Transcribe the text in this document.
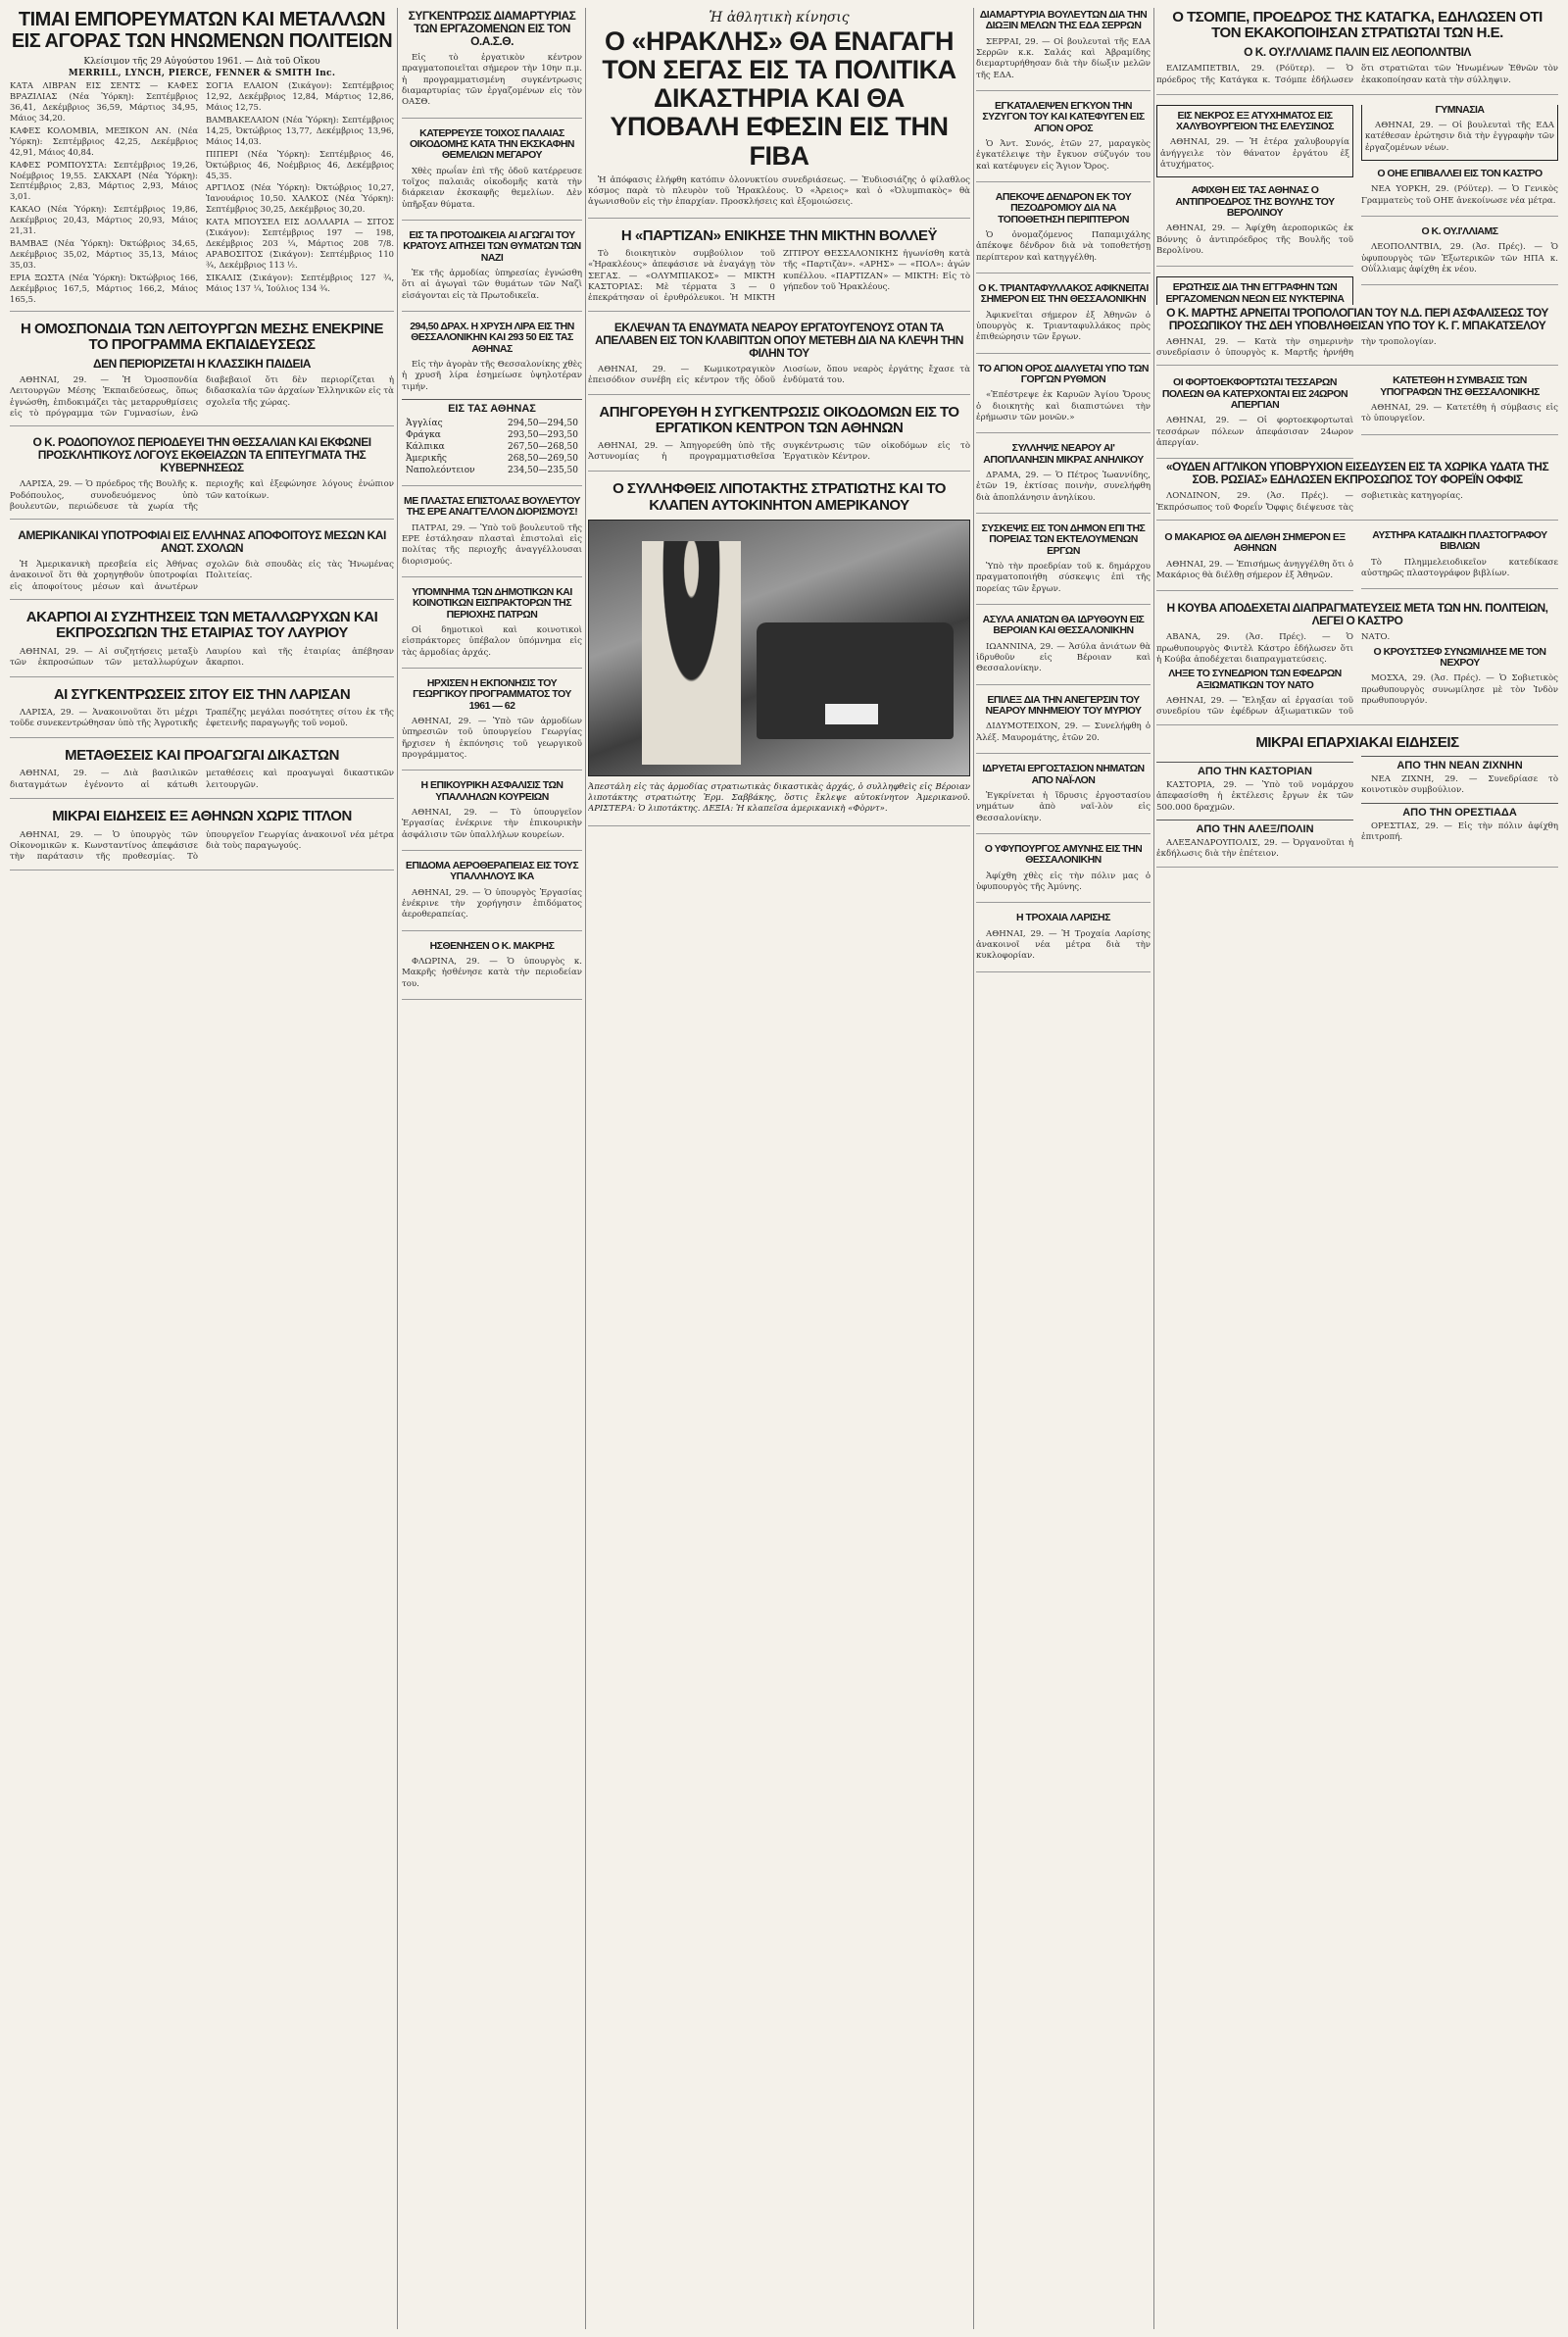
ΤΙΜΑΙ ΕΜΠΟΡΕΥΜΑΤΩΝ ΚΑΙ ΜΕΤΑΛΛΩΝ ΕΙΣ ΑΓΟΡΑΣ ΤΩΝ ΗΝΩΜΕΝΩΝ ΠΟΛΙΤΕΙΩΝ
Κλείσιμον τῆς 29 Αὐγούστου 1961. — Διὰ τοῦ Οἴκου
MERRILL, LYNCH, PIERCE, FENNER & SMITH Inc.

ΚΑΤΑ ΛΙΒΡΑΝ ΕΙΣ ΣΕΝΤΣ — ΚΑΦΕΣ ΒΡΑΖΙΛΙΑΣ (Νέα Ὑόρκη): Σεπτέμβριος 36,41, Δεκέμβριος 36,59, Μάρτιος 34,95, Μάιος 34,20.

ΚΑΦΕΣ ΚΟΛΟΜΒΙΑ, ΜΕΞΙΚΟΝ ΑΝ. (Νέα Ὑόρκη): Σεπτέμβριος 42,25, Δεκέμβριος 42,91, Μάιος 40,84.

ΚΑΦΕΣ ΡΟΜΠΟΥΣΤΑ: Σεπτέμβριος 19,26, Νοέμβριος 19,55. ΣΑΚΧΑΡΙ (Νέα Ὑόρκη): Σεπτέμβριος 2,83, Μάρτιος 2,93, Μάιος 3,01.

ΚΑΚΑΟ (Νέα Ὑόρκη): Σεπτέμβριος 19,86, Δεκέμβριος 20,43, Μάρτιος 20,93, Μάιος 21,31.

ΒΑΜΒΑΞ (Νέα Ὑόρκη): Ὀκτώβριος 34,65, Δεκέμβριος 35,02, Μάρτιος 35,13, Μάιος 35,03.

ΕΡΙΑ ΞΩΣΤΑ (Νέα Ὑόρκη): Ὀκτώβριος 166, Δεκέμβριος 167,5, Μάρτιος 166,2, Μάιος 165,5.

ΣΟΓΙΑ ΕΛΑΙΟΝ (Σικάγον): Σεπτέμβριος 12,92, Δεκέμβριος 12,84, Μάρτιος 12,86, Μάιος 12,75.

ΒΑΜΒΑΚΕΛΑΙΟΝ (Νέα Ὑόρκη): Σεπτέμβριος 14,25, Ὀκτώβριος 13,77, Δεκέμβριος 13,96, Μάιος 14,03.

ΠΙΠΕΡΙ (Νέα Ὑόρκη): Σεπτέμβριος 46, Ὀκτώβριος 46, Νοέμβριος 46, Δεκέμβριος 45,35.

ΑΡΓΙΛΟΣ (Νέα Ὑόρκη): Ὀκτώβριος 10,27, Ἰανουάριος 10,50. ΧΑΛΚΟΣ (Νέα Ὑόρκη): Σεπτέμβριος 30,25, Δεκέμβριος 30,20.

ΚΑΤΑ ΜΠΟΥΣΕΛ ΕΙΣ ΔΟΛΛΑΡΙΑ — ΣΙΤΟΣ (Σικάγον): Σεπτέμβριος 197 — 198, Δεκέμβριος 203 ¼, Μάρτιος 208 7/8. ΑΡΑΒΟΣΙΤΟΣ (Σικάγον): Σεπτέμβριος 110 ¾, Δεκέμβριος 113 ½.

ΣΙΚΑΛΙΣ (Σικάγον): Σεπτέμβριος 127 ¾, Μάιος 137 ¼, Ἰούλιος 134 ¾.

Η ΟΜΟΣΠΟΝΔΙΑ ΤΩΝ ΛΕΙΤΟΥΡΓΩΝ ΜΕΣΗΣ ΕΝΕΚΡΙΝΕ ΤΟ ΠΡΟΓΡΑΜΜΑ ΕΚΠΑΙΔΕΥΣΕΩΣ
ΔΕΝ ΠΕΡΙΟΡΙΖΕΤΑΙ Η ΚΛΑΣΣΙΚΗ ΠΑΙΔΕΙΑ

ΑΘΗΝΑΙ, 29. — Ἡ Ὁμοσπονδία Λειτουργῶν Μέσης Ἐκπαιδεύσεως, ὅπως ἐγνώσθη, ἐπιδοκιμάζει τὰς μεταρρυθμίσεις εἰς τὸ πρόγραμμα τῶν Γυμνασίων, ἐνῶ διαβεβαιοῖ ὅτι δὲν περιορίζεται ἡ διδασκαλία τῶν ἀρχαίων Ἑλληνικῶν εἰς τὰ σχολεῖα τῆς χώρας.

Ο Κ. ΡΟΔΟΠΟΥΛΟΣ ΠΕΡΙΟΔΕΥΕΙ ΤΗΝ ΘΕΣΣΑΛΙΑΝ ΚΑΙ ΕΚΦΩΝΕΙ ΠΡΟΣΚΛΗΤΙΚΟΥΣ ΛΟΓΟΥΣ ΕΚΘΕΙΑΖΩΝ ΤΑ ΕΠΙΤΕΥΓΜΑΤΑ ΤΗΣ ΚΥΒΕΡΝΗΣΕΩΣ

ΛΑΡΙΣΑ, 29. — Ὁ πρόεδρος τῆς Βουλῆς κ. Ροδόπουλος, συνοδευόμενος ὑπὸ βουλευτῶν, περιώδευσε τὰ χωρία τῆς περιοχῆς καὶ ἐξεφώνησε λόγους ἐνώπιον τῶν κατοίκων.

ΑΜΕΡΙΚΑΝΙΚΑΙ ΥΠΟΤΡΟΦΙΑΙ ΕΙΣ ΕΛΛΗΝΑΣ ΑΠΟΦΟΙΤΟΥΣ ΜΕΣΩΝ ΚΑΙ ΑΝΩΤ. ΣΧΟΛΩΝ

Ἡ Ἀμερικανικὴ πρεσβεία εἰς Ἀθήνας ἀνακοινοῖ ὅτι θὰ χορηγηθοῦν ὑποτροφίαι εἰς ἀποφοίτους μέσων καὶ ἀνωτέρων σχολῶν διὰ σπουδὰς εἰς τὰς Ἡνωμένας Πολιτείας.

ΑΚΑΡΠΟΙ ΑΙ ΣΥΖΗΤΗΣΕΙΣ ΤΩΝ ΜΕΤΑΛΛΩΡΥΧΩΝ ΚΑΙ ΕΚΠΡΟΣΩΠΩΝ ΤΗΣ ΕΤΑΙΡΙΑΣ ΤΟΥ ΛΑΥΡΙΟΥ

ΑΘΗΝΑΙ, 29. — Αἱ συζητήσεις μεταξὺ τῶν ἐκπροσώπων τῶν μεταλλωρύχων Λαυρίου καὶ τῆς ἐταιρίας ἀπέβησαν ἄκαρποι.

ΑΙ ΣΥΓΚΕΝΤΡΩΣΕΙΣ ΣΙΤΟΥ ΕΙΣ ΤΗΝ ΛΑΡΙΣΑΝ

ΛΑΡΙΣΑ, 29. — Ἀνακοινοῦται ὅτι μέχρι τοῦδε συνεκεντρώθησαν ὑπὸ τῆς Ἀγροτικῆς Τραπέζης μεγάλαι ποσότητες σίτου ἐκ τῆς ἐφετεινῆς παραγωγῆς τοῦ νομοῦ.

ΜΕΤΑΘΕΣΕΙΣ ΚΑΙ ΠΡΟΑΓΩΓΑΙ ΔΙΚΑΣΤΩΝ

ΑΘΗΝΑΙ, 29. — Διὰ βασιλικῶν διαταγμάτων ἐγένοντο αἱ κάτωθι μεταθέσεις καὶ προαγωγαὶ δικαστικῶν λειτουργῶν.

ΜΙΚΡΑΙ ΕΙΔΗΣΕΙΣ ΕΞ ΑΘΗΝΩΝ ΧΩΡΙΣ ΤΙΤΛΟΝ

ΑΘΗΝΑΙ, 29. — Ὁ ὑπουργὸς τῶν Οἰκονομικῶν κ. Κωνσταντίνος ἀπεφάσισε τὴν παράτασιν τῆς προθεσμίας. Τὸ ὑπουργεῖον Γεωργίας ἀνακοινοῖ νέα μέτρα διὰ τοὺς παραγωγούς.

ΣΥΓΚΕΝΤΡΩΣΙΣ ΔΙΑΜΑΡΤΥΡΙΑΣ ΤΩΝ ΕΡΓΑΖΟΜΕΝΩΝ ΕΙΣ ΤΟΝ Ο.Α.Σ.Θ.

Εἰς τὸ ἐργατικὸν κέντρον πραγματοποιεῖται σήμερον τὴν 10ην π.μ. ἡ προγραμματισμένη συγκέντρωσις διαμαρτυρίας τῶν ἐργαζομένων εἰς τὸν ΟΑΣΘ.

ΚΑΤΕΡΡΕΥΣΕ ΤΟΙΧΟΣ ΠΑΛΑΙΑΣ ΟΙΚΟΔΟΜΗΣ ΚΑΤΑ ΤΗΝ ΕΚΣΚΑΦΗΝ ΘΕΜΕΛΙΩΝ ΜΕΓΑΡΟΥ

Χθὲς πρωΐαν ἐπὶ τῆς ὁδοῦ κατέρρευσε τοῖχος παλαιᾶς οἰκοδομῆς κατὰ τὴν διάρκειαν ἐκσκαφῆς θεμελίων. Δὲν ὑπῆρξαν θύματα.

ΕΙΣ ΤΑ ΠΡΟΤΟΔΙΚΕΙΑ ΑΙ ΑΓΩΓΑΙ ΤΟΥ ΚΡΑΤΟΥΣ ΑΙΤΗΣΕΙ ΤΩΝ ΘΥΜΑΤΩΝ ΤΩΝ ΝΑΖΙ

Ἐκ τῆς ἀρμοδίας ὑπηρεσίας ἐγνώσθη ὅτι αἱ ἀγωγαὶ τῶν θυμάτων τῶν Ναζὶ εἰσάγονται εἰς τὰ Πρωτοδικεῖα.

294,50 ΔΡΑΧ. Η ΧΡΥΣΗ ΛΙΡΑ ΕΙΣ ΤΗΝ ΘΕΣΣΑΛΟΝΙΚΗΝ ΚΑΙ 293 50 ΕΙΣ ΤΑΣ ΑΘΗΝΑΣ

Εἰς τὴν ἀγορὰν τῆς Θεσσαλονίκης χθὲς ἡ χρυσῆ λίρα ἐσημείωσε ὑψηλοτέραν τιμήν.

ΕΙΣ ΤΑΣ ΑΘΗΝΑΣ
Ἀγγλίας	294,50—294,50
Φράγκα	293,50—293,50
Κάλπικα	267,50—268,50
Ἀμερικῆς	268,50—269,50
Ναπολεόντειον	234,50—235,50
ΜΕ ΠΛΑΣΤΑΣ ΕΠΙΣΤΟΛΑΣ ΒΟΥΛΕΥΤΟΥ ΤΗΣ ΕΡΕ ΑΝΑΓΓΕΛΛΟΝ ΔΙΟΡΙΣΜΟΥΣ!

ΠΑΤΡΑΙ, 29. — Ὑπὸ τοῦ βουλευτοῦ τῆς ΕΡΕ ἐστάλησαν πλασταὶ ἐπιστολαὶ εἰς πολίτας τῆς περιοχῆς ἀναγγέλλουσαι διορισμούς.

ΥΠΟΜΝΗΜΑ ΤΩΝ ΔΗΜΟΤΙΚΩΝ ΚΑΙ ΚΟΙΝΟΤΙΚΩΝ ΕΙΣΠΡΑΚΤΟΡΩΝ ΤΗΣ ΠΕΡΙΟΧΗΣ ΠΑΤΡΩΝ

Οἱ δημοτικοὶ καὶ κοινοτικοὶ εἰσπράκτορες ὑπέβαλον ὑπόμνημα εἰς τὰς ἀρμοδίας ἀρχάς.

ΗΡΧΙΣΕΝ Η ΕΚΠΟΝΗΣΙΣ ΤΟΥ ΓΕΩΡΓΙΚΟΥ ΠΡΟΓΡΑΜΜΑΤΟΣ ΤΟΥ 1961 — 62

ΑΘΗΝΑΙ, 29. — Ὑπὸ τῶν ἁρμοδίων ὑπηρεσιῶν τοῦ ὑπουργείου Γεωργίας ἤρχισεν ἡ ἐκπόνησις τοῦ γεωργικοῦ προγράμματος.

Η ΕΠΙΚΟΥΡΙΚΗ ΑΣΦΑΛΙΣΙΣ ΤΩΝ ΥΠΑΛΛΗΛΩΝ ΚΟΥΡΕΙΩΝ

ΑΘΗΝΑΙ, 29. — Τὸ ὑπουργεῖον Ἐργασίας ἐνέκρινε τὴν ἐπικουρικὴν ἀσφάλισιν τῶν ὑπαλλήλων κουρείων.

ΕΠΙΔΟΜΑ ΑΕΡΟΘΕΡΑΠΕΙΑΣ ΕΙΣ ΤΟΥΣ ΥΠΑΛΛΗΛΟΥΣ ΙΚΑ

ΑΘΗΝΑΙ, 29. — Ὁ ὑπουργὸς Ἐργασίας ἐνέκρινε τὴν χορήγησιν ἐπιδόματος ἀεροθεραπείας.

ΗΣΘΕΝΗΣΕΝ Ο Κ. ΜΑΚΡΗΣ

ΦΛΩΡΙΝΑ, 29. — Ὁ ὑπουργὸς κ. Μακρῆς ἠσθένησε κατὰ τὴν περιοδείαν του.

Ἡ ἀθλητικὴ κίνησις
Ο «ΗΡΑΚΛΗΣ» ΘΑ ΕΝΑΓΑΓΗ ΤΟΝ ΣΕΓΑΣ ΕΙΣ ΤΑ ΠΟΛΙΤΙΚΑ ΔΙΚΑΣΤΗΡΙΑ ΚΑΙ ΘΑ ΥΠΟΒΑΛΗ ΕΦΕΣΙΝ ΕΙΣ ΤΗΝ FIBA

Ἡ ἀπόφασις ἐλήφθη κατόπιν ὁλονυκτίου συνεδριάσεως. — Ἐυδιοσιάζης ὁ φίλαθλος κόσμος παρὰ τὸ πλευρὸν τοῦ Ἡρακλέους. Ὁ «Ἀρειος» καὶ ὁ «Ὀλυμπιακὸς» θὰ ἀγωνισθοῦν εἰς τὴν ἐπαρχίαν. Προσκλήσεις καὶ ἐξομοιώσεις.

Η «ΠΑΡΤΙΖΑΝ» ΕΝΙΚΗΣΕ ΤΗΝ ΜΙΚΤΗΝ ΒΟΛΛΕΫ

Τὸ διοικητικὸν συμβούλιον τοῦ «Ἡρακλέους» ἀπεφάσισε νὰ ἐναγάγῃ τὸν ΣΕΓΑΣ. — «ΟΛΥΜΠΙΑΚΟΣ» — ΜΙΚΤΗ ΚΑΣΤΟΡΙΑΣ: Μὲ τέρματα 3 — 0 ἐπεκράτησαν οἱ ἐρυθρόλευκοι. Ἡ ΜΙΚΤΗ ΖΙΤΙΡΟΥ ΘΕΣΣΑΛΟΝΙΚΗΣ ἠγωνίσθη κατὰ τῆς «Παρτιζὰν». «ΑΡΗΣ» — «ΠΟΛ»: ἀγών κυπέλλου. «ΠΑΡΤΙΖΑΝ» — ΜΙΚΤΗ: Εἰς τὸ γήπεδον τοῦ Ἡρακλέους.

ΕΚΛΕΨΑΝ ΤΑ ΕΝΔΥΜΑΤΑ ΝΕΑΡΟΥ ΕΡΓΑΤΟΥΓΕΝΟΥΣ ΟΤΑΝ ΤΑ ΑΠΕΛΑΒΕΝ ΕΙΣ ΤΟΝ ΚΛΑΒΙΠΤΩΝ ΟΠΟΥ ΜΕΤΕΒΗ ΔΙΑ ΝΑ ΚΛΕΨΗ ΤΗΝ ΦΙΛΗΝ ΤΟΥ

ΑΘΗΝΑΙ, 29. — Κωμικοτραγικὸν ἐπεισόδιον συνέβη εἰς κέντρον τῆς ὁδοῦ Λιοσίων, ὅπου νεαρὸς ἐργάτης ἔχασε τὰ ἐνδύματά του.

ΑΠΗΓΟΡΕΥΘΗ Η ΣΥΓΚΕΝΤΡΩΣΙΣ ΟΙΚΟΔΟΜΩΝ ΕΙΣ ΤΟ ΕΡΓΑΤΙΚΟΝ ΚΕΝΤΡΟΝ ΤΩΝ ΑΘΗΝΩΝ

ΑΘΗΝΑΙ, 29. — Ἀπηγορεύθη ὑπὸ τῆς Ἀστυνομίας ἡ προγραμματισθεῖσα συγκέντρωσις τῶν οἰκοδόμων εἰς τὸ Ἐργατικὸν Κέντρον.

Ο ΣΥΛΛΗΦΘΕΙΣ ΛΙΠΟΤΑΚΤΗΣ ΣΤΡΑΤΙΩΤΗΣ ΚΑΙ ΤΟ ΚΛΑΠΕΝ ΑΥΤΟΚΙΝΗΤΟΝ ΑΜΕΡΙΚΑΝΟΥ

Ἀπεστάλη εἰς τὰς ἀρμοδίας στρατιωτικὰς δικαστικὰς ἀρχάς, ὁ συλληφθεὶς εἰς Βέροιαν λιποτάκτης στρατιώτης Ἐρμ. Σαββάκης, ὅστις ἔκλεψε αὐτοκίνητον Ἀμερικανοῦ. ΑΡΙΣΤΕΡΑ: Ὁ λιποτάκτης. ΔΕΞΙΑ: Ἡ κλαπεῖσα ἀμερικανικὴ «Φὸρντ».

ΔΙΑΜΑΡΤΥΡΙΑ ΒΟΥΛΕΥΤΩΝ ΔΙΑ ΤΗΝ ΔΙΩΞΙΝ ΜΕΛΩΝ ΤΗΣ ΕΔΑ ΣΕΡΡΩΝ

ΣΕΡΡΑΙ, 29. — Οἱ βουλευταὶ τῆς ΕΔΑ Σερρῶν κ.κ. Σαλάς καὶ Ἀβραμίδης διεμαρτυρήθησαν διὰ τὴν δίωξιν μελῶν τῆς ΕΔΑ.

ΕΓΚΑΤΑΛΕΙΨΕΝ ΕΓΚΥΟΝ ΤΗΝ ΣΥΖΥΓΟΝ ΤΟΥ ΚΑΙ ΚΑΤΕΦΥΓΕΝ ΕΙΣ ΑΓΙΟΝ ΟΡΟΣ

Ὁ Ἀντ. Συνός, ἐτῶν 27, μαραγκὸς ἐγκατέλειψε τὴν ἔγκυον σύζυγόν του καὶ κατέφυγεν εἰς Ἅγιον Ὄρος.

ΑΠΕΚΟΨΕ ΔΕΝΔΡΟΝ ΕΚ ΤΟΥ ΠΕΖΟΔΡΟΜΙΟΥ ΔΙΑ ΝΑ ΤΟΠΟΘΕΤΗΣΗ ΠΕΡΙΠΤΕΡΟΝ

Ὁ ὀνομαζόμενος Παπαμιχάλης ἀπέκοψε δένδρον διὰ νὰ τοποθετήσῃ περίπτερον καὶ κατηγγέλθη.

Ο Κ. ΤΡΙΑΝΤΑΦΥΛΛΑΚΟΣ ΑΦΙΚΝΕΙΤΑΙ ΣΗΜΕΡΟΝ ΕΙΣ ΤΗΝ ΘΕΣΣΑΛΟΝΙΚΗΝ

Ἀφικνεῖται σήμερον ἐξ Ἀθηνῶν ὁ ὑπουργὸς κ. Τριανταφυλλάκος πρὸς ἐπιθεώρησιν τῶν ἔργων.

ΤΟ ΑΓΙΟΝ ΟΡΟΣ ΔΙΑΛΥΕΤΑΙ ΥΠΟ ΤΩΝ ΓΟΡΓΩΝ ΡΥΘΜΟΝ

«Ἐπέστρεψε ἐκ Καρυῶν Ἁγίου Ὄρους ὁ διοικητὴς καὶ διαπιστώνει τὴν ἐρήμωσιν τῶν μονῶν.»

ΣΥΛΛΗΨΙΣ ΝΕΑΡΟΥ ΑΙ' ΑΠΟΠΛΑΝΗΣΙΝ ΜΙΚΡΑΣ ΑΝΗΛΙΚΟΥ

ΔΡΑΜΑ, 29. — Ὁ Πέτρος Ἰωαννίδης, ἐτῶν 19, ἐκτίσας ποινὴν, συνελήφθη διὰ ἀποπλάνησιν ἀνηλίκου.

ΣΥΣΚΕΨΙΣ ΕΙΣ ΤΟΝ ΔΗΜΟΝ ΕΠΙ ΤΗΣ ΠΟΡΕΙΑΣ ΤΩΝ ΕΚΤΕΛΟΥΜΕΝΩΝ ΕΡΓΩΝ

Ὑπὸ τὴν προεδρίαν τοῦ κ. δημάρχου πραγματοποιήθη σύσκεψις ἐπὶ τῆς πορείας τῶν ἔργων.

ΑΣΥΛΑ ΑΝΙΑΤΩΝ ΘΑ ΙΔΡΥΘΟΥΝ ΕΙΣ ΒΕΡΟΙΑΝ ΚΑΙ ΘΕΣΣΑΛΟΝΙΚΗΝ

ΙΩΑΝΝΙΝΑ, 29. — Ἀσύλα ἀνιάτων θὰ ἱδρυθοῦν εἰς Βέροιαν καὶ Θεσσαλονίκην.

ΕΠΙΛΕΞ ΔΙΑ ΤΗΝ ΑΝΕΓΕΡΣΙΝ ΤΟΥ ΝΕΑΡΟΥ ΜΝΗΜΕΙΟΥ ΤΟΥ ΜΥΡΙΟΥ

ΔΙΔΥΜΟΤΕΙΧΟΝ, 29. — Συνελήφθη ὁ Ἀλέξ. Μαυρομάτης, ἐτῶν 20.

ΙΔΡΥΕΤΑΙ ΕΡΓΟΣΤΑΣΙΟΝ ΝΗΜΑΤΩΝ ΑΠΟ ΝΑΪ-ΛΟΝ

Ἐγκρίνεται ἡ ἵδρυσις ἐργοστασίου νημάτων ἀπὸ ναϊ-λὸν εἰς Θεσσαλονίκην.

Ο ΥΦΥΠΟΥΡΓΟΣ ΑΜΥΝΗΣ ΕΙΣ ΤΗΝ ΘΕΣΣΑΛΟΝΙΚΗΝ

Ἀφίχθη χθὲς εἰς τὴν πόλιν μας ὁ ὑφυπουργὸς τῆς Ἀμύνης.

Η ΤΡΟΧΑΙΑ ΛΑΡΙΣΗΣ

ΑΘΗΝΑΙ, 29. — Ἡ Τροχαία Λαρίσης ἀνακοινοῖ νέα μέτρα διὰ τὴν κυκλοφορίαν.

Ο ΤΣΟΜΠΕ, ΠΡΟΕΔΡΟΣ ΤΗΣ ΚΑΤΑΓΚΑ, ΕΔΗΛΩΣΕΝ ΟΤΙ ΤΟΝ ΕΚΑΚΟΠΟΙΗΣΑΝ ΣΤΡΑΤΙΩΤΑΙ ΤΩΝ Η.Ε.
Ο Κ. ΟΥ.Ι'ΛΛΙΑΜΣ ΠΑΛΙΝ ΕΙΣ ΛΕΟΠΟΛΝΤΒΙΛ

ΕΛΙΖΑΜΠΕΤΒΙΛ, 29. (Ρόϋτερ). — Ὁ πρόεδρος τῆς Κατάγκα κ. Τσόμπε ἐδήλωσεν ὅτι στρατιῶται τῶν Ἡνωμένων Ἐθνῶν τὸν ἐκακοποίησαν κατὰ τὴν σύλληψιν.

ΕΙΣ ΝΕΚΡΟΣ ΕΞ ΑΤΥΧΗΜΑΤΟΣ ΕΙΣ ΧΑΛΥΒΟΥΡΓΕΙΟΝ ΤΗΣ ΕΛΕΥΣΙΝΟΣ

ΑΘΗΝΑΙ, 29. — Ἡ ἐτέρα χαλυβουργία ἀνήγγειλε τὸν θάνατον ἐργάτου ἐξ ἀτυχήματος.

ΑΦΙΧΘΗ ΕΙΣ ΤΑΣ ΑΘΗΝΑΣ Ο ΑΝΤΙΠΡΟΕΔΡΟΣ ΤΗΣ ΒΟΥΛΗΣ ΤΟΥ ΒΕΡΟΛΙΝΟΥ

ΑΘΗΝΑΙ, 29. — Ἀφίχθη ἀεροπορικῶς ἐκ Βόννης ὁ ἀντιπρόεδρος τῆς Βουλῆς τοῦ Βερολίνου.

ΕΡΩΤΗΣΙΣ ΔΙΑ ΤΗΝ ΕΓΓΡΑΦΗΝ ΤΩΝ ΕΡΓΑΖΟΜΕΝΩΝ ΝΕΩΝ ΕΙΣ ΝΥΚΤΕΡΙΝΑ ΓΥΜΝΑΣΙΑ

ΑΘΗΝΑΙ, 29. — Οἱ βουλευταὶ τῆς ΕΔΑ κατέθεσαν ἐρώτησιν διὰ τὴν ἐγγραφὴν τῶν ἐργαζομένων νέων.

Ο ΟΗΕ ΕΠΙΒΑΛΛΕΙ ΕΙΣ ΤΟΝ ΚΑΣΤΡΟ

ΝΕΑ ΥΟΡΚΗ, 29. (Ρόϋτερ). — Ὁ Γενικὸς Γραμματεὺς τοῦ ΟΗΕ ἀνεκοίνωσε νέα μέτρα.

Ο Κ. ΟΥ.Ι'ΛΛΙΑΜΣ

ΛΕΟΠΟΛΝΤΒΙΛ, 29. (Ἀσ. Πρές). — Ὁ ὑφυπουργὸς τῶν Ἐξωτερικῶν τῶν ΗΠΑ κ. Οὐΐλλιαμς ἀφίχθη ἐκ νέου.

Ο Κ. ΜΑΡΤΗΣ ΑΡΝΕΙΤΑΙ ΤΡΟΠΟΛΟΓΙΑΝ ΤΟΥ Ν.Δ. ΠΕΡΙ ΑΣΦΑΛΙΣΕΩΣ ΤΟΥ ΠΡΟΣΩΠΙΚΟΥ ΤΗΣ ΔΕΗ ΥΠΟΒΛΗΘΕΙΣΑΝ ΥΠΟ ΤΟΥ Κ. Γ. ΜΠΑΚΑΤΣΕΛΟΥ

ΑΘΗΝΑΙ, 29. — Κατὰ τὴν σημερινὴν συνεδρίασιν ὁ ὑπουργὸς κ. Μαρτῆς ἠρνήθη τὴν τροπολογίαν.

ΟΙ ΦΟΡΤΟΕΚΦΟΡΤΩΤΑΙ ΤΕΣΣΑΡΩΝ ΠΟΛΕΩΝ ΘΑ ΚΑΤΕΡΧΟΝΤΑΙ ΕΙΣ 24ΩΡΟΝ ΑΠΕΡΓΙΑΝ

ΑΘΗΝΑΙ, 29. — Οἱ φορτοεκφορτωταὶ τεσσάρων πόλεων ἀπεφάσισαν 24ωρον ἀπεργίαν.

ΚΑΤΕΤΕΘΗ Η ΣΥΜΒΑΣΙΣ ΤΩΝ ΥΠΟΓΡΑΦΩΝ ΤΗΣ ΘΕΣΣΑΛΟΝΙΚΗΣ

ΑΘΗΝΑΙ, 29. — Κατετέθη ἡ σύμβασις εἰς τὸ ὑπουργεῖον.

«ΟΥΔΕΝ ΑΓΓΛΙΚΟΝ ΥΠΟΒΡΥΧΙΟΝ ΕΙΣΕΔΥΣΕΝ ΕΙΣ ΤΑ ΧΩΡΙΚΑ ΥΔΑΤΑ ΤΗΣ ΣΟΒ. ΡΩΣΙΑΣ» ΕΔΗΛΩΣΕΝ ΕΚΠΡΟΣΩΠΟΣ ΤΟΥ ΦΟΡΕΪΝ ΟΦΦΙΣ

ΛΟΝΔΙΝΟΝ, 29. (Ἀσ. Πρές). — Ἐκπρόσωπος τοῦ Φορεΐν Ὄφφις διέψευσε τὰς σοβιετικὰς κατηγορίας.

Ο ΜΑΚΑΡΙΟΣ ΘΑ ΔΙΕΛΘΗ ΣΗΜΕΡΟΝ ΕΞ ΑΘΗΝΩΝ

ΑΘΗΝΑΙ, 29. — Ἐπισήμως ἀνηγγέλθη ὅτι ὁ Μακάριος θὰ διέλθῃ σήμερον ἐξ Ἀθηνῶν.

ΑΥΣΤΗΡΑ ΚΑΤΑΔΙΚΗ ΠΛΑΣΤΟΓΡΑΦΟΥ ΒΙΒΛΙΩΝ

Τὸ Πλημμελειοδικεῖον κατεδίκασε αὐστηρῶς πλαστογράφον βιβλίων.

Η ΚΟΥΒΑ ΑΠΟΔΕΧΕΤΑΙ ΔΙΑΠΡΑΓΜΑΤΕΥΣΕΙΣ ΜΕΤΑ ΤΩΝ ΗΝ. ΠΟΛΙΤΕΙΩΝ, ΛΕΓΕΙ Ο ΚΑΣΤΡΟ

ΑΒΑΝΑ, 29. (Ἀσ. Πρές). — Ὁ πρωθυπουργὸς Φιντὲλ Κάστρο ἐδήλωσεν ὅτι ἡ Κούβα ἀποδέχεται διαπραγματεύσεις.

ΛΗΞΕ ΤΟ ΣΥΝΕΔΡΙΟΝ ΤΩΝ ΕΦΕΔΡΩΝ ΑΞΙΩΜΑΤΙΚΩΝ ΤΟΥ ΝΑΤΟ

ΑΘΗΝΑΙ, 29. — Ἔληξαν αἱ ἐργασίαι τοῦ συνεδρίου τῶν ἐφέδρων ἀξιωματικῶν τοῦ ΝΑΤΟ.

Ο ΚΡΟΥΣΤΣΕΦ ΣΥΝΩΜΙΛΗΣΕ ΜΕ ΤΟΝ ΝΕΧΡΟΥ

ΜΟΣΧΑ, 29. (Ἀσ. Πρές). — Ὁ Σοβιετικὸς πρωθυπουργὸς συνωμίλησε μὲ τὸν Ἰνδὸν πρωθυπουργόν.

ΜΙΚΡΑΙ ΕΠΑΡΧΙΑΚΑΙ ΕΙΔΗΣΕΙΣ
ΑΠΟ ΤΗΝ ΚΑΣΤΟΡΙΑΝ

ΚΑΣΤΟΡΙΑ, 29. — Ὑπὸ τοῦ νομάρχου ἀπεφασίσθη ἡ ἐκτέλεσις ἔργων ἐκ τῶν 500.000 δραχμῶν.

ΑΠΟ ΤΗΝ ΑΛΕΞ/ΠΟΛΙΝ

ΑΛΕΞΑΝΔΡΟΥΠΟΛΙΣ, 29. — Ὀργανοῦται ἡ ἐκδήλωσις διὰ τὴν ἐπέτειον.

ΑΠΟ ΤΗΝ ΝΕΑΝ ΖΙΧΝΗΝ

ΝΕΑ ΖΙΧΝΗ, 29. — Συνεδρίασε τὸ κοινοτικὸν συμβούλιον.

ΑΠΟ ΤΗΝ ΟΡΕΣΤΙΑΔΑ

ΟΡΕΣΤΙΑΣ, 29. — Εἰς τὴν πόλιν ἀφίχθη ἐπιτροπή.
